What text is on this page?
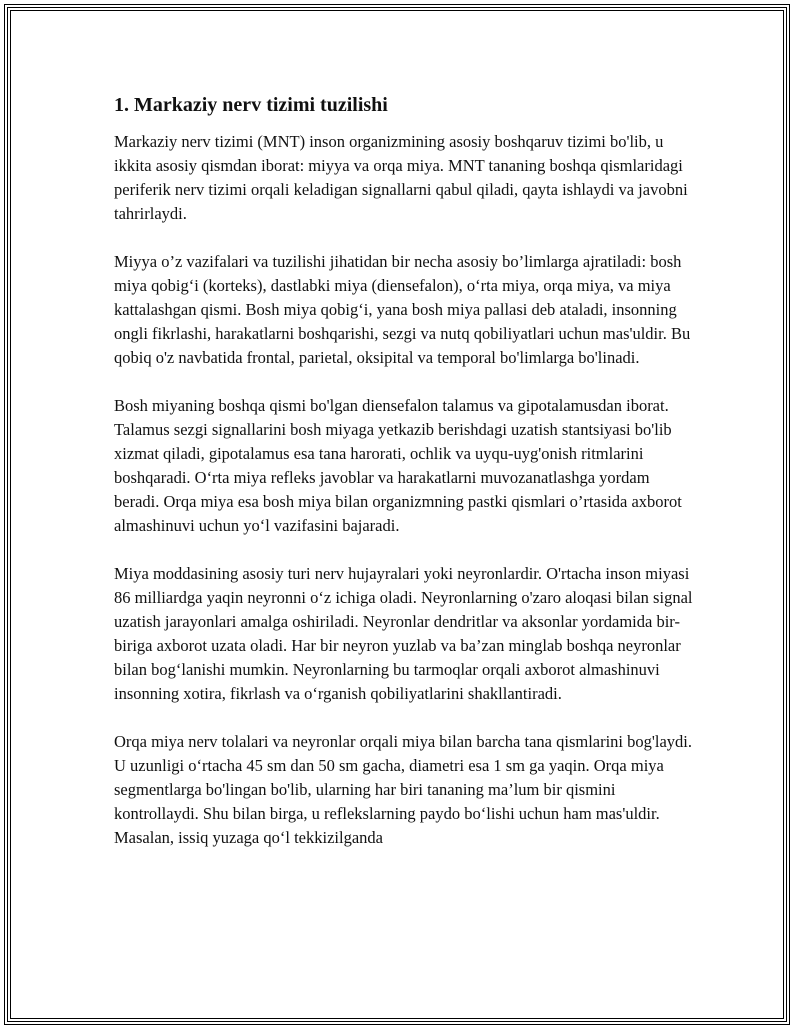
1. Markaziy nerv tizimi tuzilishi

Markaziy nerv tizimi (MNT) inson organizmining asosiy boshqaruv tizimi bo'lib, u ikkita asosiy qismdan iborat: miyya va orqa miya. MNT tananing boshqa qismlaridagi periferik nerv tizimi orqali keladigan signallarni qabul qiladi, qayta ishlaydi va javobni tahrirlaydi.

Miyya o’z vazifalari va tuzilishi jihatidan bir necha asosiy bo’limlarga ajratiladi: bosh miya qobig‘i (korteks), dastlabki miya (diensefalon), o‘rta miya, orqa miya, va miya kattalashgan qismi. Bosh miya qobig‘i, yana bosh miya pallasi deb ataladi, insonning ongli fikrlashi, harakatlarni boshqarishi, sezgi va nutq qobiliyatlari uchun mas'uldir. Bu qobiq o'z navbatida frontal, parietal, oksipital va temporal bo'limlarga bo'linadi.

Bosh miyaning boshqa qismi bo'lgan diensefalon talamus va gipotalamusdan iborat. Talamus sezgi signallarini bosh miyaga yetkazib berishdagi uzatish stantsiyasi bo'lib xizmat qiladi, gipotalamus esa tana harorati, ochlik va uyqu-uyg'onish ritmlarini boshqaradi. O‘rta miya refleks javoblar va harakatlarni muvozanatlashga yordam beradi. Orqa miya esa bosh miya bilan organizmning pastki qismlari o’rtasida axborot almashinuvi uchun yo‘l vazifasini bajaradi.

Miya moddasining asosiy turi nerv hujayralari yoki neyronlardir. O'rtacha inson miyasi 86 milliardga yaqin neyronni o‘z ichiga oladi. Neyronlarning o'zaro aloqasi bilan signal uzatish jarayonlari amalga oshiriladi. Neyronlar dendritlar va aksonlar yordamida bir-biriga axborot uzata oladi. Har bir neyron yuzlab va ba’zan minglab boshqa neyronlar bilan bog‘lanishi mumkin. Neyronlarning bu tarmoqlar orqali axborot almashinuvi insonning xotira, fikrlash va o‘rganish qobiliyatlarini shakllantiradi.

Orqa miya nerv tolalari va neyronlar orqali miya bilan barcha tana qismlarini bog'laydi. U uzunligi o‘rtacha 45 sm dan 50 sm gacha, diametri esa 1 sm ga yaqin. Orqa miya segmentlarga bo'lingan bo'lib, ularning har biri tananing ma’lum bir qismini kontrollaydi. Shu bilan birga, u reflekslarning paydo bo‘lishi uchun ham mas'uldir. Masalan, issiq yuzaga qo‘l tekkizilganda
